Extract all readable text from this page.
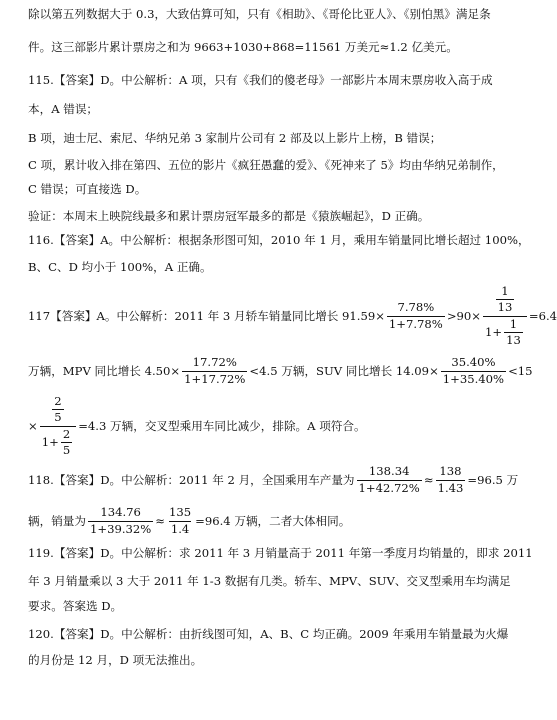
除以第五列数据大于 0.3，大致估算可知，只有《相助》、《哥伦比亚人》、《别怕黑》满足条
件。这三部影片累计票房之和为 9663+1030+868=11561 万美元≈1.2 亿美元。
115.【答案】D。中公解析：A 项，只有《我们的傻老母》一部影片本周末票房收入高于成
本，A 错误；
B 项，迪士尼、索尼、华纳兄弟 3 家制片公司有 2 部及以上影片上榜，B 错误；
C 项，累计收入排在第四、五位的影片《疯狂愚蠢的爱》、《死神来了 5》均由华纳兄弟制作，
C 错误；可直接选 D。
验证：本周末上映院线最多和累计票房冠军最多的都是《猿族崛起》，D 正确。
116.【答案】A。中公解析：根据条形图可知，2010 年 1 月，乘用车销量同比增长超过 100%，
B、C、D 均小于 100%，A 正确。
117【答案】A。中公解析：2011 年 3 月轿车销量同比增长 $91.59\times \frac{7.78\%}{1+7.78\%} >90\times \frac{\frac{1}{13}}{1+ \frac{1}{13}} =6.4$
万辆，MPV 同比增长 $4.50\times \frac{17.72\%}{1+17.72\%} <4.5$ 万辆，SUV 同比增长 $14.09\times \frac{35.40\%}{1+35.40\%} <15$
× $\frac{\frac{2}{5}}{1+ \frac{2}{5}} =4.3$ 万辆，交叉型乘用车同比减少，排除。A 项符合。
118.【答案】D。中公解析：2011 年 2 月，全国乘用车产量为 $\frac{138.34}{1+42.72\%} \approx \frac{138}{1.43} =96.5$ 万
辆，销量为 $\frac{134.76}{1+39.32\%} \approx \frac{135}{1.4} =96.4$ 万辆，二者大体相同。
119.【答案】D。中公解析：求 2011 年 3 月销量高于 2011 年第一季度月均销量的，即求 2011
年 3 月销量乘以 3 大于 2011 年 1-3 数据有几类。轿车、MPV、SUV、交叉型乘用车均满足
要求。答案选 D。
120.【答案】D。中公解析：由折线图可知，A、B、C 均正确。2009 年乘用车销量最为火爆
的月份是 12 月，D 项无法推出。
